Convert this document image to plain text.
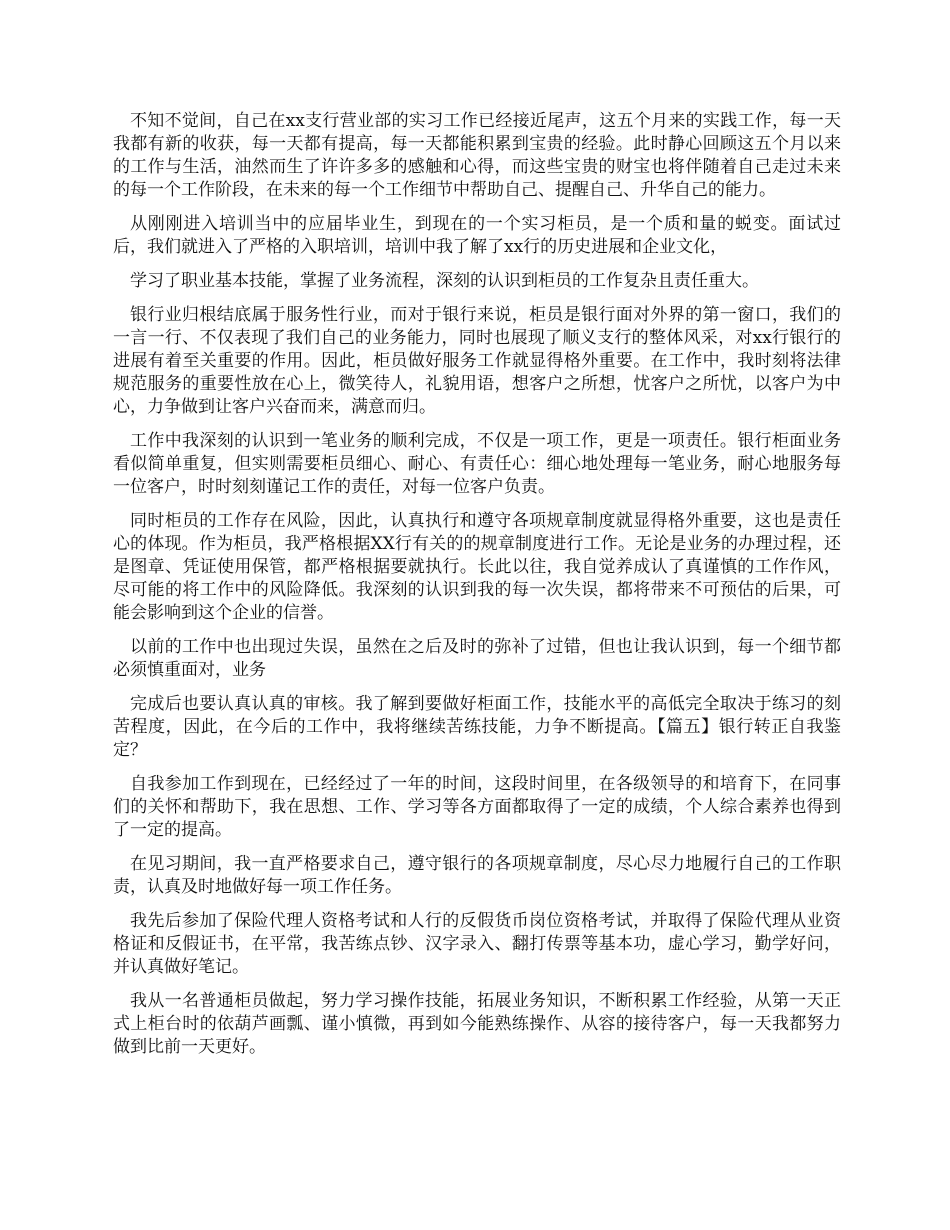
不知不觉间，自己在xx支行营业部的实习工作已经接近尾声，这五个月来的实践工作，每一天我都有新的收获，每一天都有提高，每一天都能积累到宝贵的经验。此时静心回顾这五个月以来的工作与生活，油然而生了许许多多的感触和心得，而这些宝贵的财宝也将伴随着自己走过未来的每一个工作阶段，在未来的每一个工作细节中帮助自己、提醒自己、升华自己的能力。

从刚刚进入培训当中的应届毕业生，到现在的一个实习柜员，是一个质和量的蜕变。面试过后，我们就进入了严格的入职培训，培训中我了解了xx行的历史进展和企业文化，

学习了职业基本技能，掌握了业务流程，深刻的认识到柜员的工作复杂且责任重大。

银行业归根结底属于服务性行业，而对于银行来说，柜员是银行面对外界的第一窗口，我们的一言一行、不仅表现了我们自己的业务能力，同时也展现了顺义支行的整体风采，对xx行银行的进展有着至关重要的作用。因此，柜员做好服务工作就显得格外重要。在工作中，我时刻将法律规范服务的重要性放在心上，微笑待人，礼貌用语，想客户之所想，忧客户之所忧，以客户为中心，力争做到让客户兴奋而来，满意而归。

工作中我深刻的认识到一笔业务的顺利完成，不仅是一项工作，更是一项责任。银行柜面业务看似简单重复，但实则需要柜员细心、耐心、有责任心：细心地处理每一笔业务，耐心地服务每一位客户，时时刻刻谨记工作的责任，对每一位客户负责。

同时柜员的工作存在风险，因此，认真执行和遵守各项规章制度就显得格外重要，这也是责任心的体现。作为柜员，我严格根据XX行有关的的规章制度进行工作。无论是业务的办理过程，还是图章、凭证使用保管，都严格根据要就执行。长此以往，我自觉养成认了真谨慎的工作作风，尽可能的将工作中的风险降低。我深刻的认识到我的每一次失误，都将带来不可预估的后果，可能会影响到这个企业的信誉。

以前的工作中也出现过失误，虽然在之后及时的弥补了过错，但也让我认识到，每一个细节都必须慎重面对，业务

完成后也要认真认真的审核。我了解到要做好柜面工作，技能水平的高低完全取决于练习的刻苦程度，因此，在今后的工作中，我将继续苦练技能，力争不断提高。【篇五】银行转正自我鉴定？

自我参加工作到现在，已经经过了一年的时间，这段时间里，在各级领导的和培育下，在同事们的关怀和帮助下，我在思想、工作、学习等各方面都取得了一定的成绩，个人综合素养也得到了一定的提高。

在见习期间，我一直严格要求自己，遵守银行的各项规章制度，尽心尽力地履行自己的工作职责，认真及时地做好每一项工作任务。

我先后参加了保险代理人资格考试和人行的反假货币岗位资格考试，并取得了保险代理从业资格证和反假证书，在平常，我苦练点钞、汉字录入、翻打传票等基本功，虚心学习，勤学好问，并认真做好笔记。

我从一名普通柜员做起，努力学习操作技能，拓展业务知识，不断积累工作经验，从第一天正式上柜台时的依葫芦画瓢、谨小慎微，再到如今能熟练操作、从容的接待客户，每一天我都努力做到比前一天更好。
